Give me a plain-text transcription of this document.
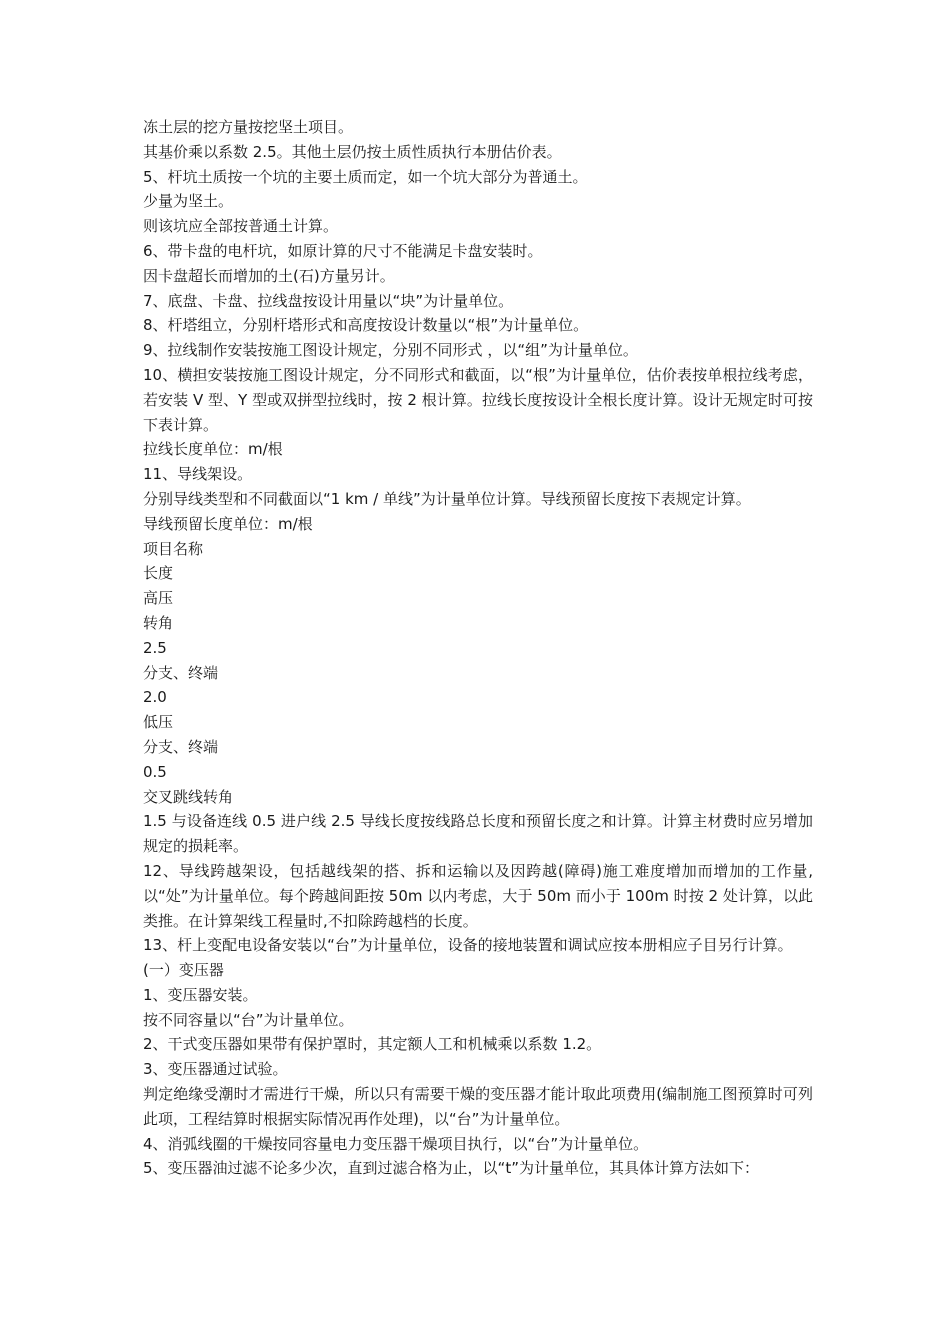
冻土层的挖方量按挖坚土项目。
其基价乘以系数 2.5。其他土层仍按土质性质执行本册估价表。
5、杆坑土质按一个坑的主要土质而定，如一个坑大部分为普通土。
少量为坚土。
则该坑应全部按普通土计算。
6、带卡盘的电杆坑，如原计算的尺寸不能满足卡盘安装时。
因卡盘超长而增加的土(石)方量另计。
7、底盘、卡盘、拉线盘按设计用量以“块”为计量单位。
8、杆塔组立，分别杆塔形式和高度按设计数量以“根”为计量单位。
9、拉线制作安装按施工图设计规定，分别不同形式 ，以“组”为计量单位。
10、横担安装按施工图设计规定，分不同形式和截面，以“根”为计量单位，估价表按单根拉线考虑，若安装 V 型、Y 型或双拼型拉线时，按 2 根计算。拉线长度按设计全根长度计算。设计无规定时可按下表计算。
拉线长度单位：m/根
11、导线架设。
分别导线类型和不同截面以“1 km / 单线”为计量单位计算。导线预留长度按下表规定计算。
导线预留长度单位：m/根
项目名称
长度
高压
转角
2.5
分支、终端
2.0
低压
分支、终端
0.5
交叉跳线转角
1.5 与设备连线 0.5 进户线 2.5 导线长度按线路总长度和预留长度之和计算。计算主材费时应另增加规定的损耗率。
12、导线跨越架设，包括越线架的搭、拆和运输以及因跨越(障碍)施工难度增加而增加的工作量,以“处”为计量单位。每个跨越间距按 50m 以内考虑，大于 50m 而小于 100m 时按 2 处计算，以此类推。在计算架线工程量时,不扣除跨越档的长度。
13、杆上变配电设备安装以“台”为计量单位，设备的接地装置和调试应按本册相应子目另行计算。
(一）变压器
1、变压器安装。
按不同容量以“台”为计量单位。
2、干式变压器如果带有保护罩时，其定额人工和机械乘以系数 1.2。
3、变压器通过试验。
判定绝缘受潮时才需进行干燥，所以只有需要干燥的变压器才能计取此项费用(编制施工图预算时可列此项，工程结算时根据实际情况再作处理)，以“台”为计量单位。
4、消弧线圈的干燥按同容量电力变压器干燥项目执行，以“台”为计量单位。
5、变压器油过滤不论多少次，直到过滤合格为止，以“t”为计量单位，其具体计算方法如下：
